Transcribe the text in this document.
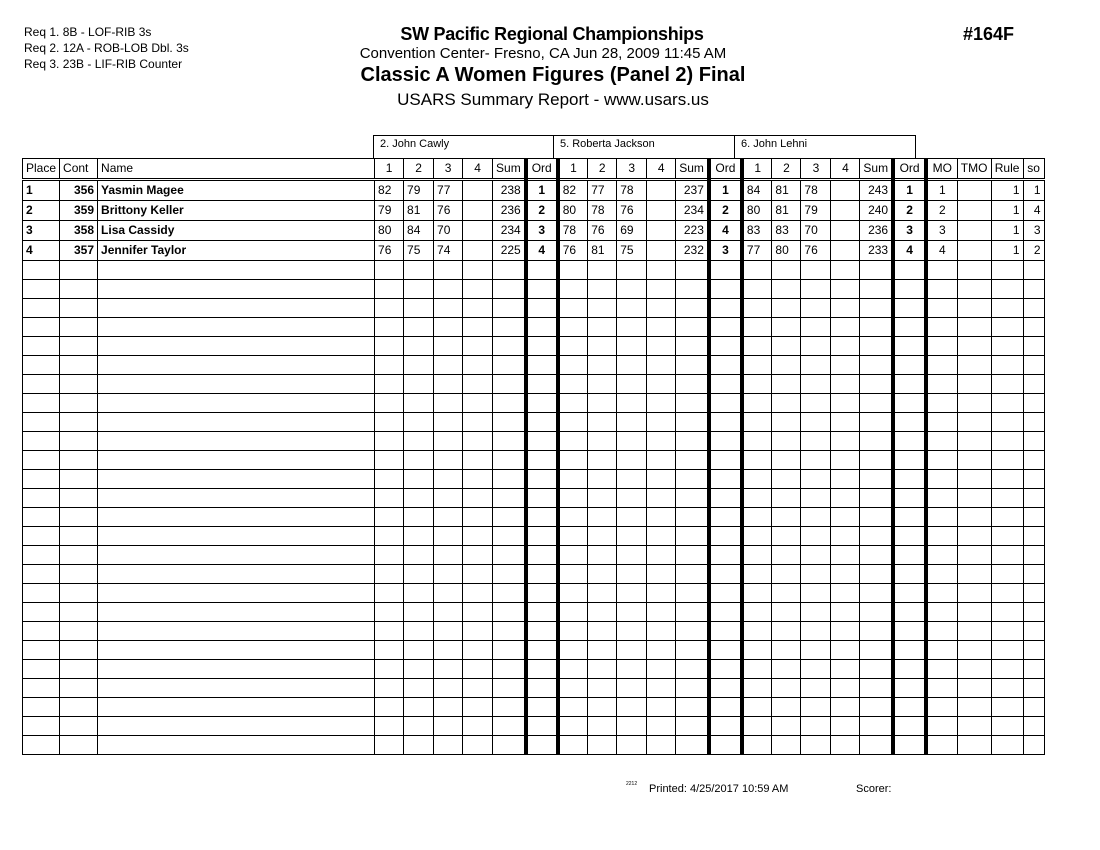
Req 1. 8B - LOF-RIB 3s
Req 2. 12A - ROB-LOB Dbl. 3s
Req 3. 23B - LIF-RIB Counter
SW Pacific Regional Championships
Convention Center- Fresno, CA Jun 28, 2009 11:45 AM
Classic A Women Figures (Panel 2) Final
USARS Summary Report - www.usars.us
#164F
2. John Cawly	5. Roberta Jackson	6. John Lehni
Place	Cont	Name	1	2	3	4	Sum	Ord	1	2	3	4	Sum	Ord	1	2	3	4	Sum	Ord	MO	TMO	Rule	so
1	356	Yasmin Magee	82	79	77		238	1	82	77	78		237	1	84	81	78		243	1	1		1	1
2	359	Brittony Keller	79	81	76		236	2	80	78	76		234	2	80	81	79		240	2	2		1	4
3	358	Lisa Cassidy	80	84	70		234	3	78	76	69		223	4	83	83	70		236	3	3		1	3
4	357	Jennifer Taylor	76	75	74		225	4	76	81	75		232	3	77	80	76		233	4	4		1	2

2212 Printed: 4/25/2017 10:59 AM	Scorer:
